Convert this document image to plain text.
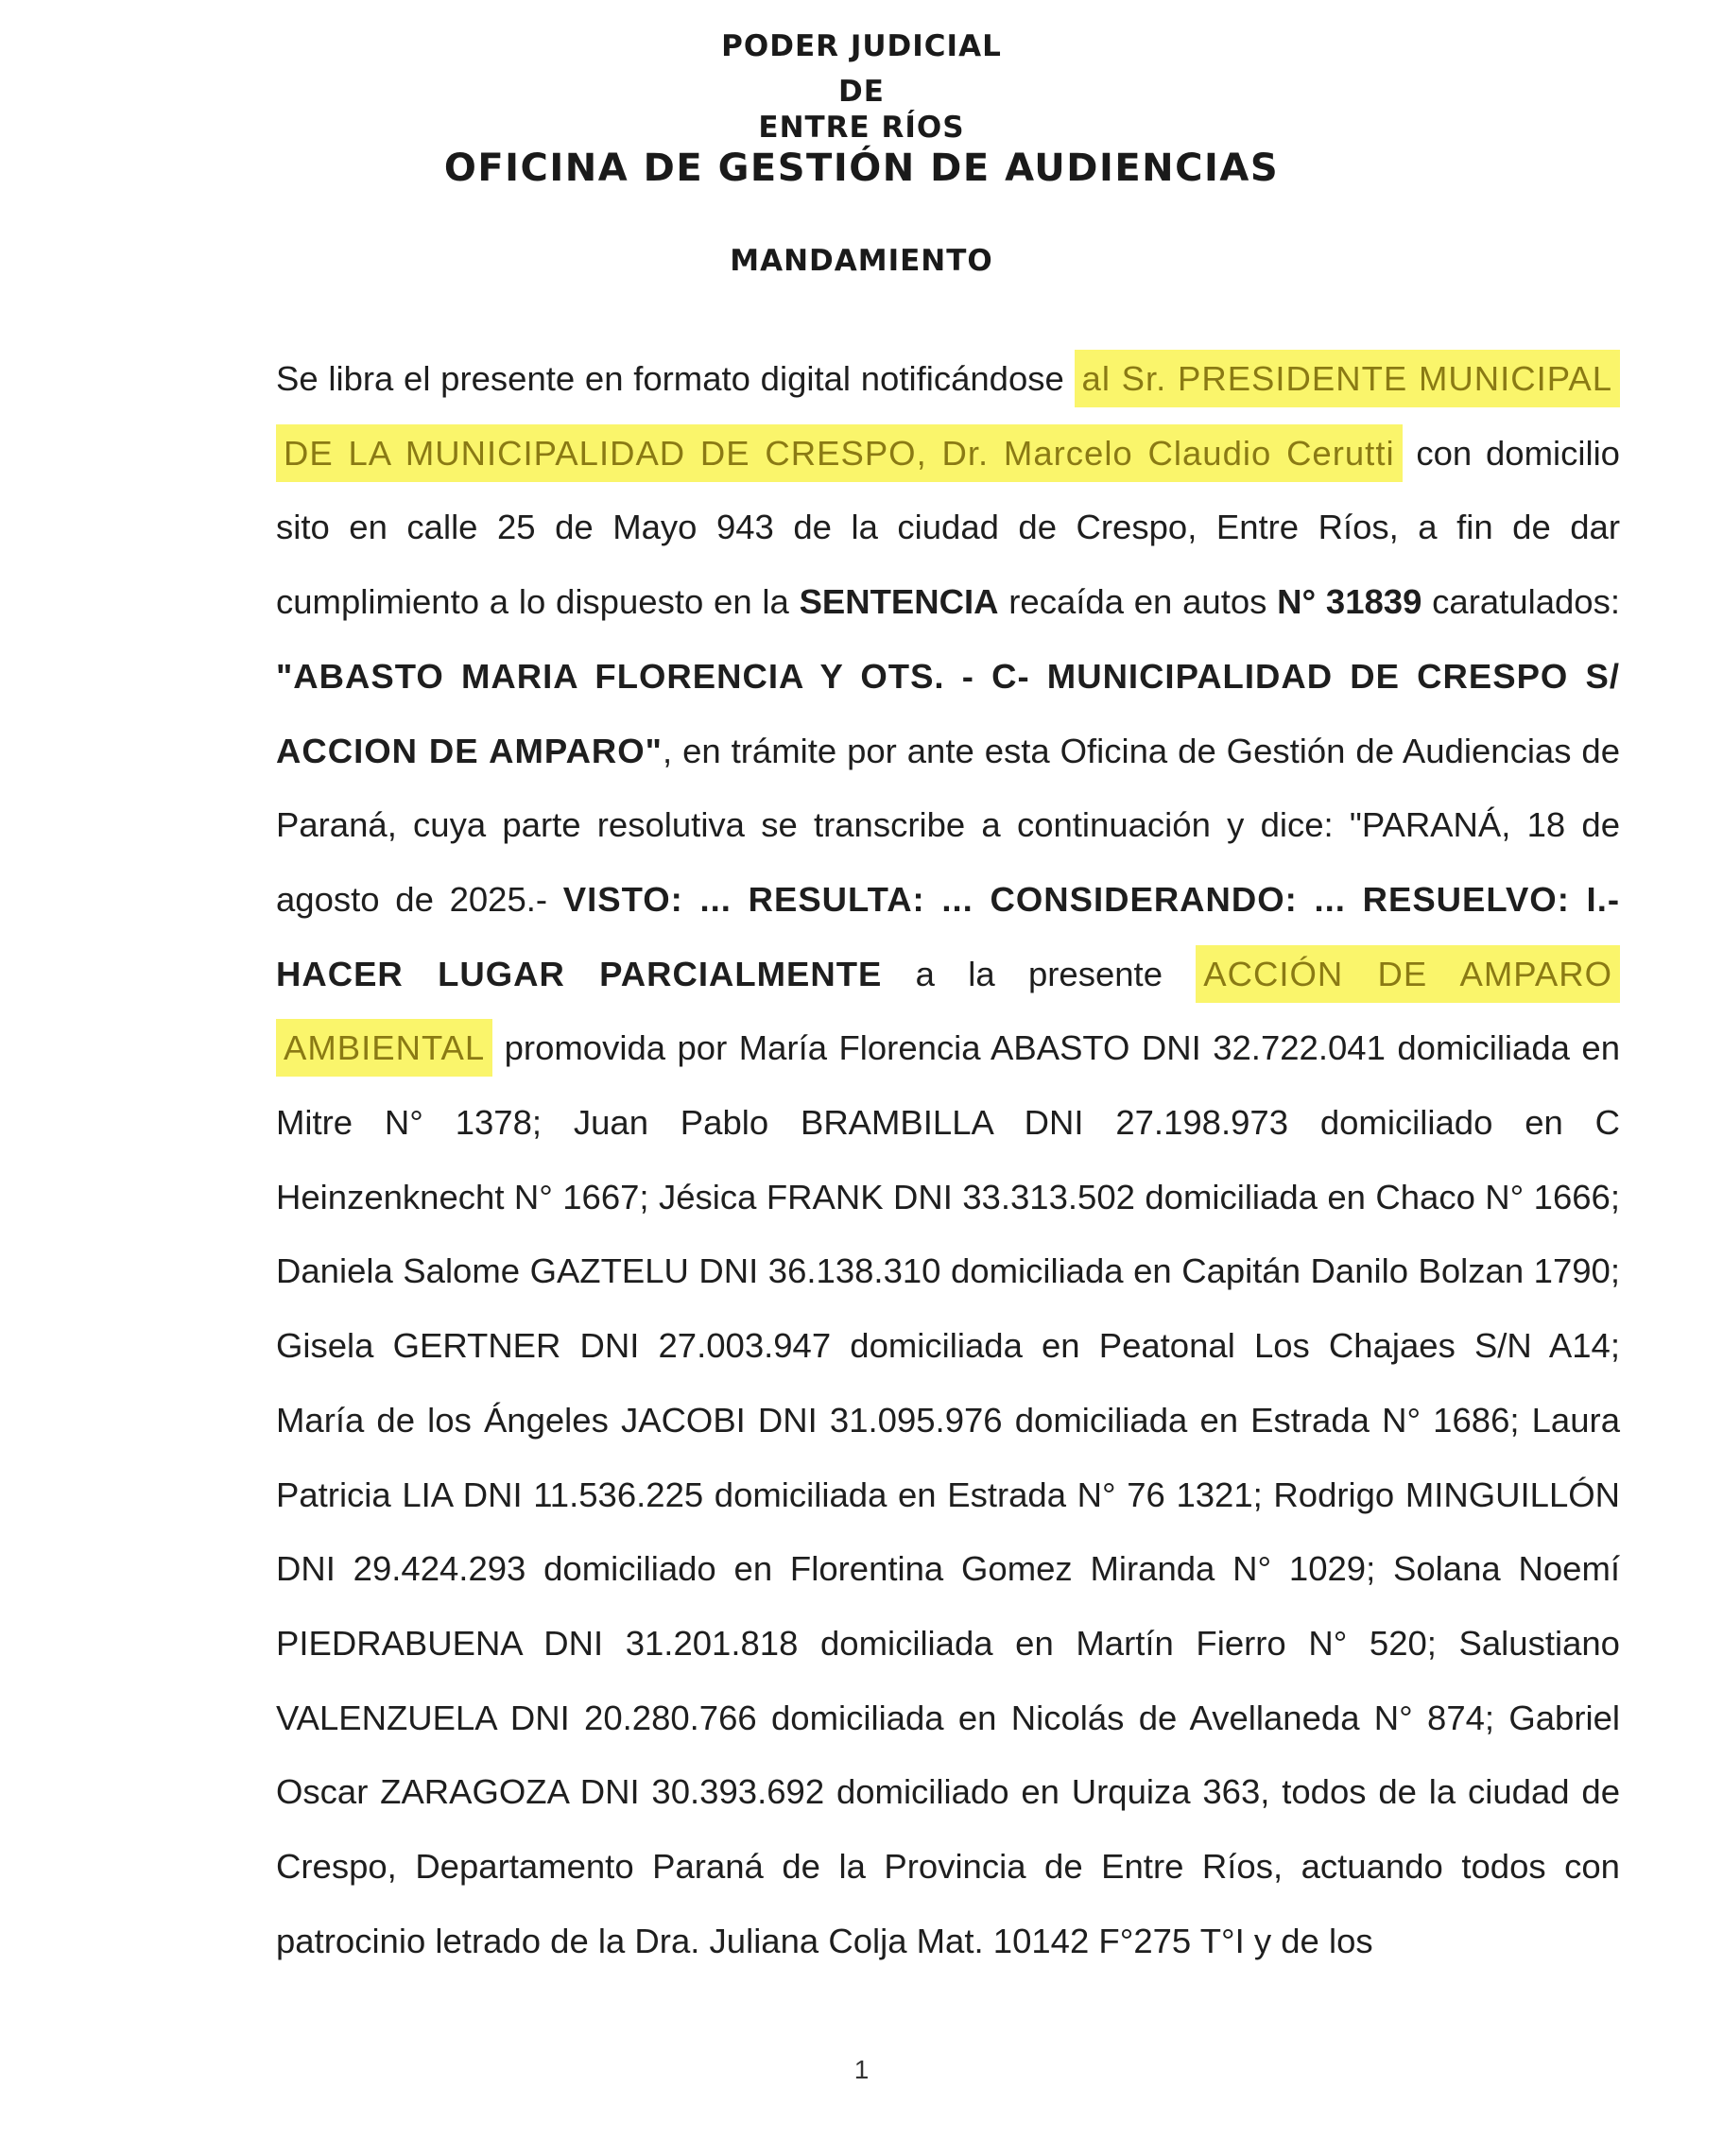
PODER JUDICIAL
DE
ENTRE RÍOS
OFICINA DE GESTIÓN DE AUDIENCIAS
MANDAMIENTO

Se libra el presente en formato digital notificándose al Sr. PRESIDENTE MUNICIPAL DE LA MUNICIPALIDAD DE CRESPO, Dr. Marcelo Claudio Cerutti con domicilio sito en calle 25 de Mayo 943 de la ciudad de Crespo, Entre Ríos, a fin de dar cumplimiento a lo dispuesto en la SENTENCIA recaída en autos N° 31839 caratulados: "ABASTO MARIA FLORENCIA Y OTS. - C- MUNICIPALIDAD DE CRESPO S/ ACCION DE AMPARO", en trámite por ante esta Oficina de Gestión de Audiencias de Paraná, cuya parte resolutiva se transcribe a continuación y dice: "PARANÁ, 18 de agosto de 2025.- VISTO: ... RESULTA: ... CONSIDERANDO: ... RESUELVO: I.- HACER LUGAR PARCIALMENTE a la presente ACCIÓN DE AMPARO AMBIENTAL promovida por María Florencia ABASTO DNI 32.722.041 domiciliada en Mitre N° 1378; Juan Pablo BRAMBILLA DNI 27.198.973 domiciliado en C Heinzenknecht N° 1667; Jésica FRANK DNI 33.313.502 domiciliada en Chaco N° 1666; Daniela Salome GAZTELU DNI 36.138.310 domiciliada en Capitán Danilo Bolzan 1790; Gisela GERTNER DNI 27.003.947 domiciliada en Peatonal Los Chajaes S/N A14; María de los Ángeles JACOBI DNI 31.095.976 domiciliada en Estrada N° 1686; Laura Patricia LIA DNI 11.536.225 domiciliada en Estrada N° 76 1321; Rodrigo MINGUILLÓN DNI 29.424.293 domiciliado en Florentina Gomez Miranda N° 1029; Solana Noemí PIEDRABUENA DNI 31.201.818 domiciliada en Martín Fierro N° 520; Salustiano VALENZUELA DNI 20.280.766 domiciliada en Nicolás de Avellaneda N° 874; Gabriel Oscar ZARAGOZA DNI 30.393.692 domiciliado en Urquiza 363, todos de la ciudad de Crespo, Departamento Paraná de la Provincia de Entre Ríos, actuando todos con patrocinio letrado de la Dra. Juliana Colja Mat. 10142 F°275 T°I y de los

1
